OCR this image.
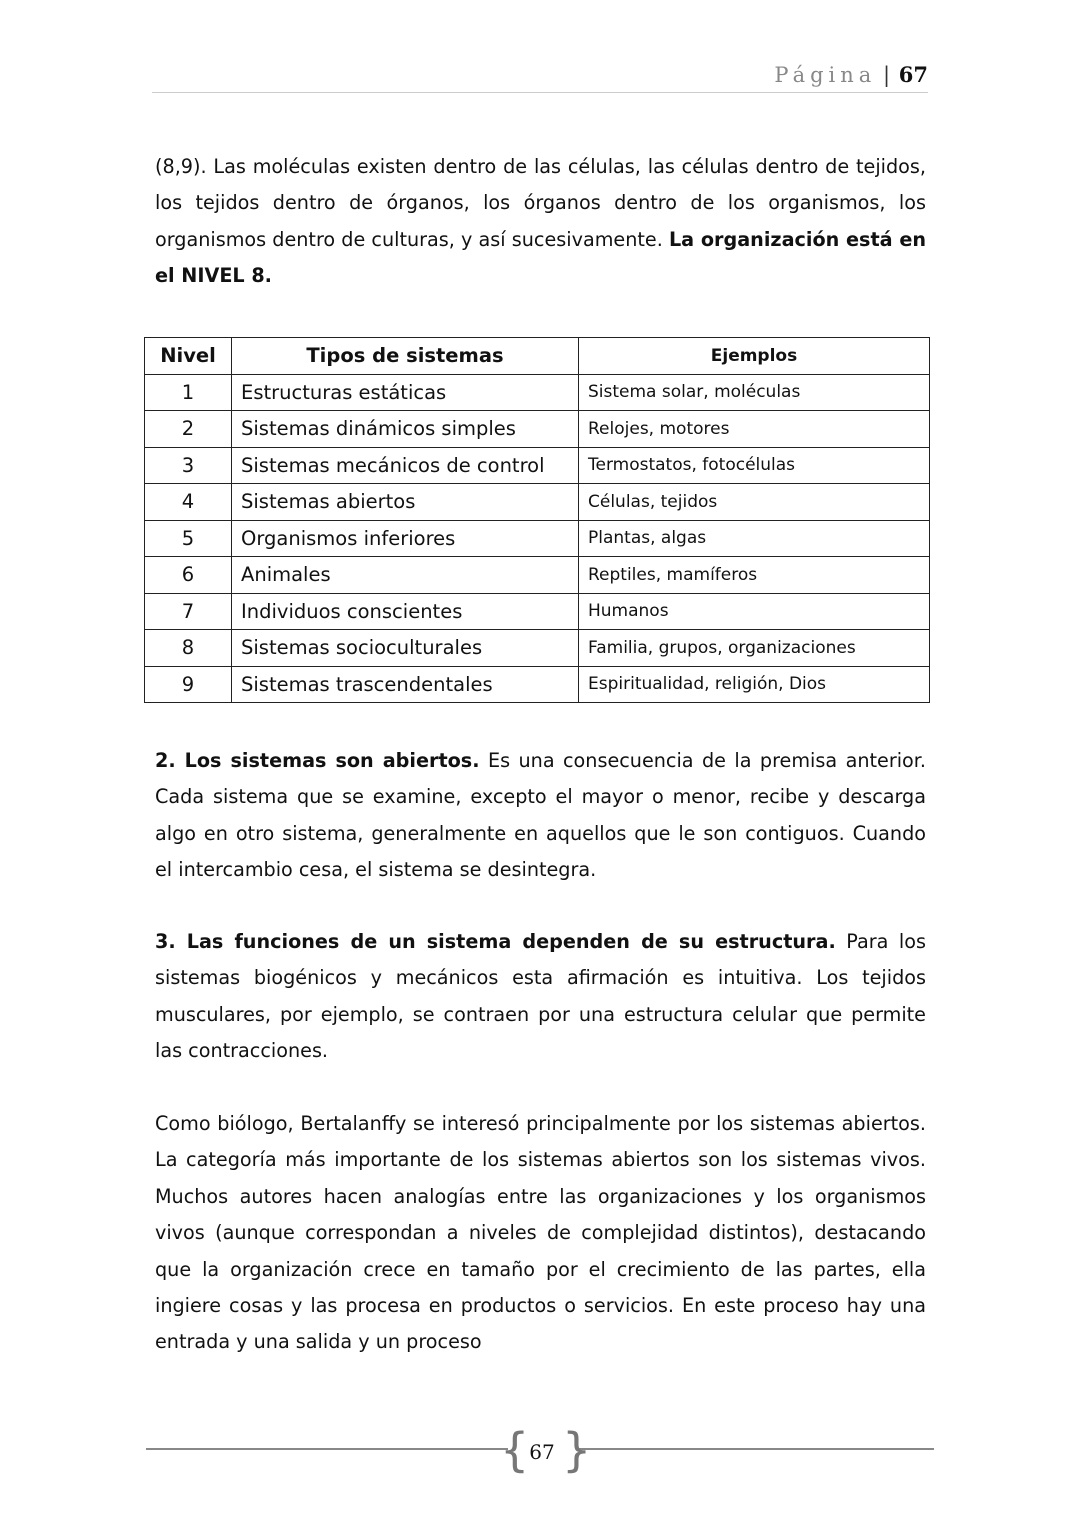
Página | 67
(8,9). Las moléculas existen dentro de las células, las células dentro de tejidos, los tejidos dentro de órganos, los órganos dentro de los organismos, los organismos dentro de culturas, y así sucesivamente. La organización está en el NIVEL 8.
Nivel	Tipos de sistemas	Ejemplos
1	Estructuras estáticas	Sistema solar, moléculas
2	Sistemas dinámicos simples	Relojes, motores
3	Sistemas mecánicos de control	Termostatos, fotocélulas
4	Sistemas abiertos	Células, tejidos
5	Organismos inferiores	Plantas, algas
6	Animales	Reptiles, mamíferos
7	Individuos conscientes	Humanos
8	Sistemas socioculturales	Familia, grupos, organizaciones
9	Sistemas trascendentales	Espiritualidad, religión, Dios
2. Los sistemas son abiertos. Es una consecuencia de la premisa anterior. Cada sistema que se examine, excepto el mayor o menor, recibe y descarga algo en otro sistema, generalmente en aquellos que le son contiguos. Cuando el intercambio cesa, el sistema se desintegra.
3. Las funciones de un sistema dependen de su estructura. Para los sistemas biogénicos y mecánicos esta afirmación es intuitiva. Los tejidos musculares, por ejemplo, se contraen por una estructura celular que permite las contracciones.
Como biólogo, Bertalanffy se interesó principalmente por los sistemas abiertos. La categoría más importante de los sistemas abiertos son los sistemas vivos. Muchos autores hacen analogías entre las organizaciones y los organismos vivos (aunque correspondan a niveles de complejidad distintos), destacando que la organización crece en tamaño por el crecimiento de las partes, ella ingiere cosas y las procesa en productos o servicios. En este proceso hay una entrada y una salida y un proceso
{ }
67
